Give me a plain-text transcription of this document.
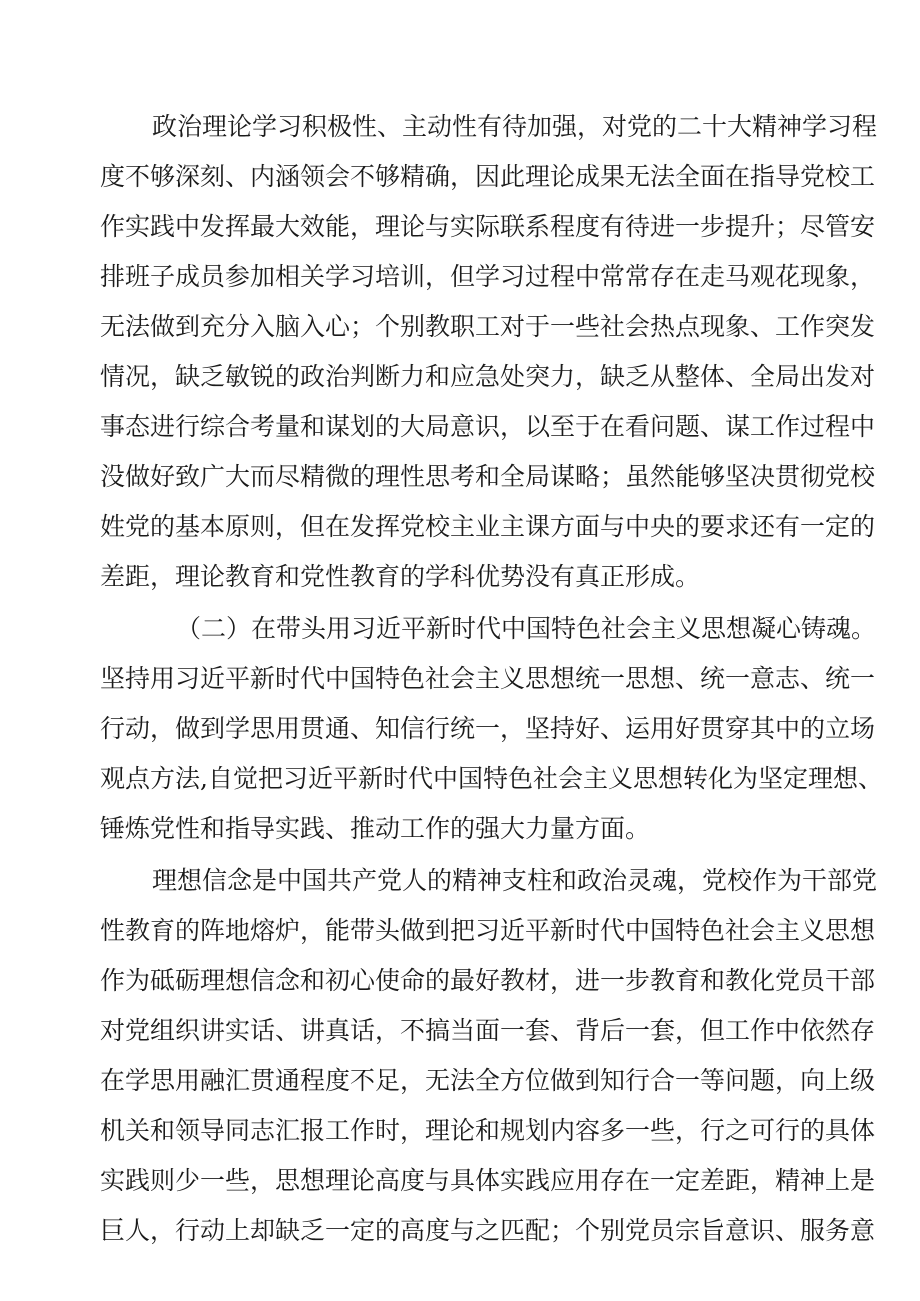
政治理论学习积极性、主动性有待加强，对党的二十大精神学习程
度不够深刻、内涵领会不够精确，因此理论成果无法全面在指导党校工
作实践中发挥最大效能，理论与实际联系程度有待进一步提升；尽管安
排班子成员参加相关学习培训，但学习过程中常常存在走马观花现象，
无法做到充分入脑入心；个别教职工对于一些社会热点现象、工作突发
情况，缺乏敏锐的政治判断力和应急处突力，缺乏从整体、全局出发对
事态进行综合考量和谋划的大局意识，以至于在看问题、谋工作过程中
没做好致广大而尽精微的理性思考和全局谋略；虽然能够坚决贯彻党校
姓党的基本原则，但在发挥党校主业主课方面与中央的要求还有一定的
差距，理论教育和党性教育的学科优势没有真正形成。
（二）在带头用习近平新时代中国特色社会主义思想凝心铸魂。
坚持用习近平新时代中国特色社会主义思想统一思想、统一意志、统一
行动，做到学思用贯通、知信行统一，坚持好、运用好贯穿其中的立场
观点方法,自觉把习近平新时代中国特色社会主义思想转化为坚定理想、
锤炼党性和指导实践、推动工作的强大力量方面。
理想信念是中国共产党人的精神支柱和政治灵魂，党校作为干部党
性教育的阵地熔炉，能带头做到把习近平新时代中国特色社会主义思想
作为砥砺理想信念和初心使命的最好教材，进一步教育和教化党员干部
对党组织讲实话、讲真话，不搞当面一套、背后一套，但工作中依然存
在学思用融汇贯通程度不足，无法全方位做到知行合一等问题，向上级
机关和领导同志汇报工作时，理论和规划内容多一些，行之可行的具体
实践则少一些，思想理论高度与具体实践应用存在一定差距，精神上是
巨人，行动上却缺乏一定的高度与之匹配；个别党员宗旨意识、服务意
